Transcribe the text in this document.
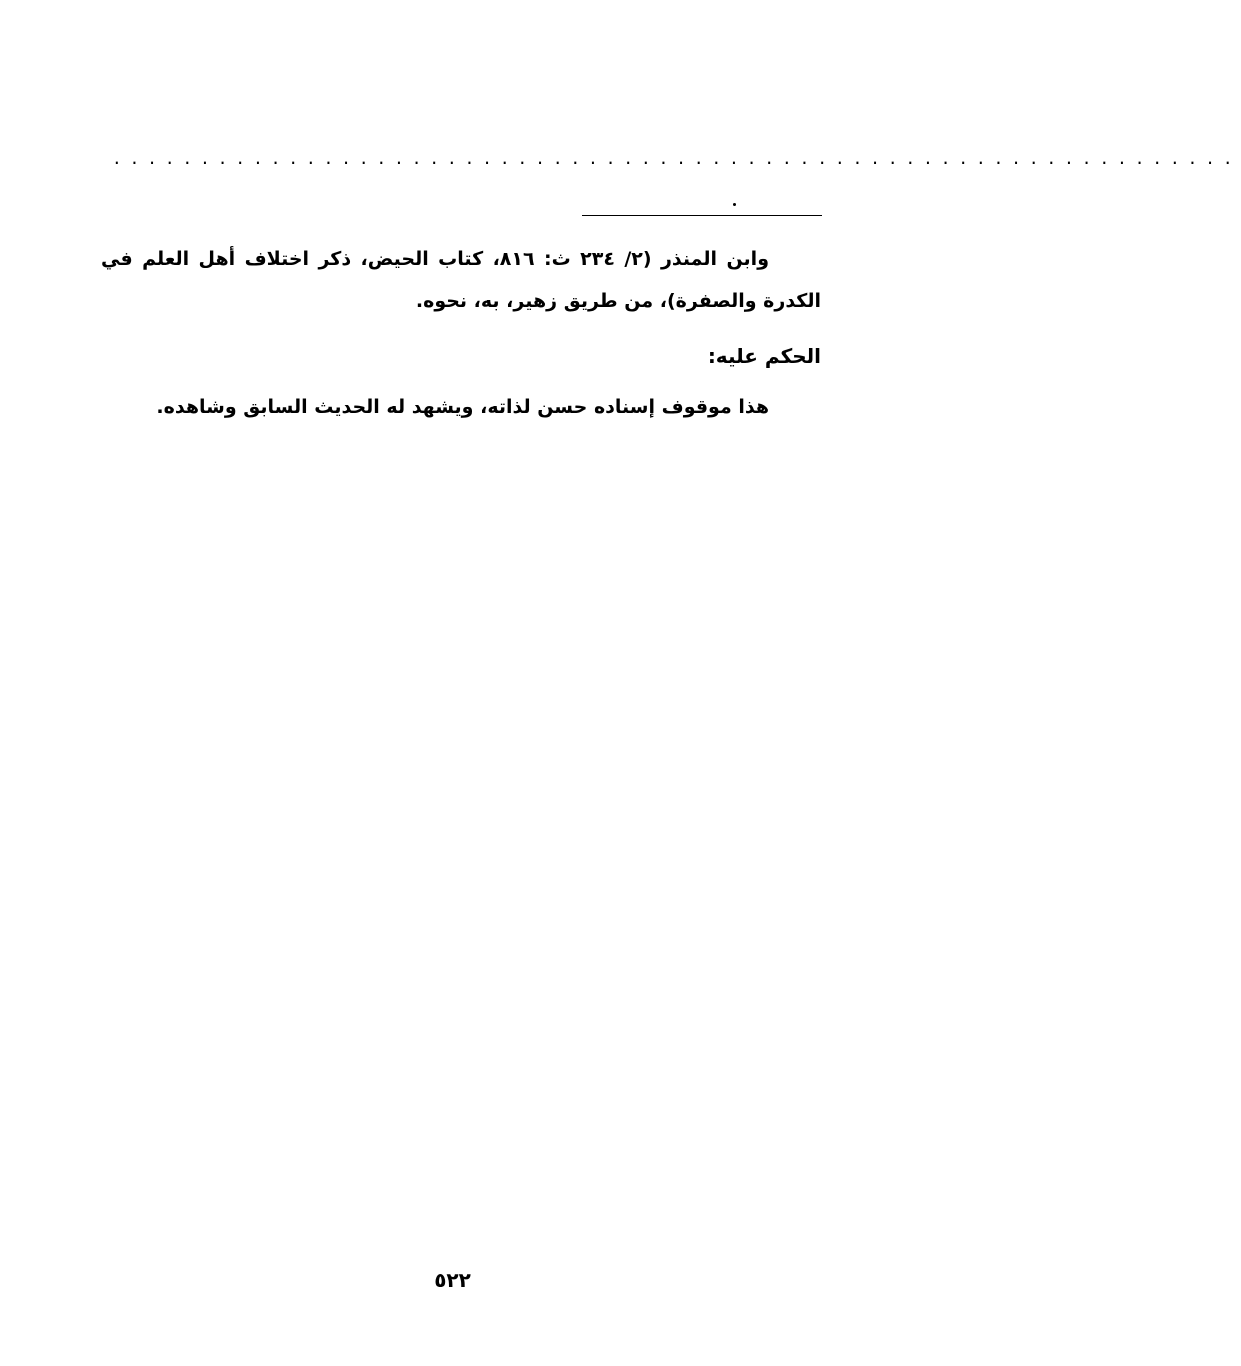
................................................................

وابن المنذر (٢/ ٢٣٤ ث: ٨١٦، كتاب الحيض، ذكر اختلاف أهل العلم في الكدرة والصفرة)، من طريق زهير، به، نحوه.

الحكم عليه:

هذا موقوف إسناده حسن لذاته، ويشهد له الحديث السابق وشاهده.

٥٢٢
